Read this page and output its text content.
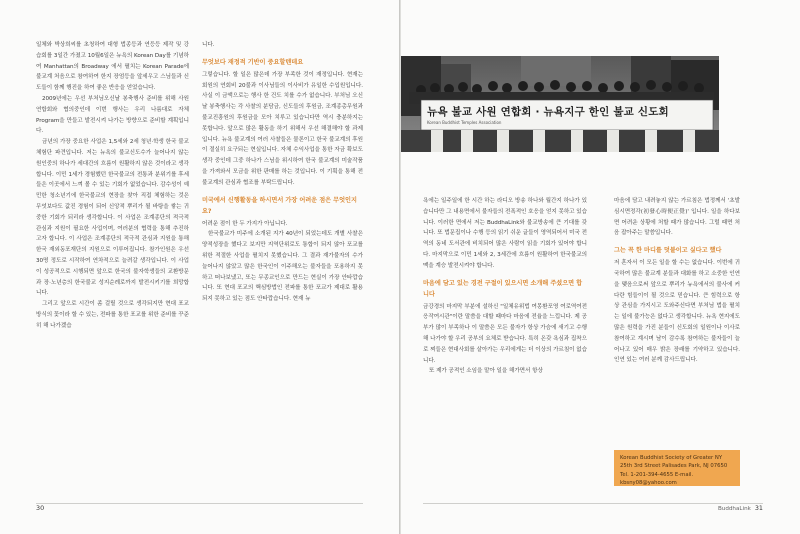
일체와 박상희씨를 초청하여 대형 법종등과 연등등 제작 및 강습회를 3일간 가졌고 10월6일은 뉴욕의 Korean Day를 기념하여 Manhattan의 Broadway 에서 펼치는 Korean Parade에 불교계 처음으로 참여하여 한지 장엄등을 앞세우고 스님들과 신도들이 함께 행진을 하여 좋은 반응을 얻었습니다.

2009년에는 우선 부처님오신날 봉축행사 준비를 위해 사원연합회와 협의중인데 이번 행사는 우리 나름대로 자체 Program을 만들고 발전시켜 나가는 방향으로 준비할 계획입니다.

금년의 가장 중요한 사업은 1,5세와 2세 청년·학생 한국 불교체험단 파견입니다. 저는 뉴욕의 불교신도수가 늘어나지 않는 원인중의 하나가 세대간의 흐름이 원활하지 않은 것이라고 생각합니다. 이민 1세가 경험했던 한국불교의 전통과 분위기를 후세들은 이곳에서 느껴 볼 수 있는 기회가 없었습니다. 감수성이 예민한 청소년기에 한국불교의 현장을 찾아 직접 체험하는 것은 무엇보다도 값진 경험이 되어 신앙적 뿌리가 될 바탕을 쌓는 귀중한 기회가 되리라 생각합니다. 이 사업은 조계종단의 적극적 관심과 지원이 필요한 사업이며, 여러분의 협력을 통해 추진하고자 합니다. 이 사업은 조계종단의 적극적 관심과 지원을 통해 한국 재외동포재단의 지원으로 이루어집니다. 참가인원은 우선 30명 정도로 시작하여 연차적으로 늘려갈 생각입니다. 이 사업이 성공적으로 시행되면 앞으로 한국의 불자학생들의 교환방문과 장·노년층의 한국불교 성지순례로까지 발전시키기를 희망합니다.

그리고 앞으로 시간이 좀 걸릴 것으로 생각되지만 현대 포교방식의 꽃이라 할 수 있는, 전파를 통한 포교를 위한 준비를 꾸준히 해 나가겠습

니다.

무엇보다 재정적 기반이 중요할텐데요

그렇습니다. 할 일은 많은데 가장 부족한 것이 재정입니다. 현재는 회원의 연회비 20불과 이사님들의 이사비가 유일한 수입원입니다. 사실 이 금액으로는 행사 한 건도 치를 수가 없습니다. 부처님 오신날 봉축행사는 각 사찰의 분담금, 신도들의 후원금, 조계종총무원과 불교진흥원의 후원금을 모아 치루고 있습니다만 역시 충분하지는 못합니다. 앞으로 많은 활동을 하기 위해서 우선 해결해야 할 과제입니다. 뉴욕 불교계의 여러 사찰들은 물론이고 한국 불교계의 후원이 절실히 요구되는 현실입니다. 자체 수익사업을 통한 자금 확보도 생각 중인데 그중 하나가 스님을 위시하여 한국 불교계의 미술작품을 가져와서 모금을 위한 판매를 하는 것입니다. 이 기획을 통해 전 불교계의 관심과 협조를 부탁드립니다.

미국에서 신행활동을 하시면서 가장 어려운 점은 무엇인지요?

어려운 점이 한 두 가지가 아닙니다.

한국불교가 미주에 소개된 지가 40년이 되었는데도 개별 사찰은 양적성장을 했다고 보지만 지역단위로도 통합이 되지 않아 포교를 위한 적절한 사업을 펼치지 못했습니다. 그 결과 재가불자의 수가 늘어나지 않았고 많은 한국인이 이주해오는 불자들을 포용하지 못하고 떠나보냈고, 또는 무종교인으로 만드는 현실이 가장 안타깝습니다. 또 현대 포교의 핵심방법인 전파를 통한 포교가 제대로 활용되지 못하고 있는 점도 안타깝습니다. 현재 뉴

30
뉴욕 불교 사원 연합회 · 뉴욕지구 한인 불교 신도회
Korean Buddhist Temples Association

욕에는 일주일에 한 시간 하는 라디오 방송 하나와 월간지 하나가 있습니다만 그 내용면에서 불자들의 전폭적인 호응을 얻지 못하고 있습니다. 이러한 면에서 저는 BuddhaLink와 불교방송에 큰 기대를 갖니다. 또 법문집이나 수행 등의 읽기 쉬운 글들이 영역되어서 미국 전역의 동네 도서관에 비치되어 많은 사람이 읽을 기회가 있어야 합니다. 마지막으로 이민 1세와 2, 3세간에 흐름이 원활하여 한국불교의 맥을 계승 발전시켜야 합니다.

마음에 담고 있는 경전 구절이 있으시면 소개해 주셨으면 합니다

금강경의 마지막 부분에 설하신 "일체유위법 여몽환포영 여로역여전 응작여시관"이란 말씀을 대할 때마다 마음에 전율을 느낍니다. 제 공부가 많이 부족하나 이 말씀은 모든 불자가 항상 가슴에 새기고 수행해 나가야 할 우리 공부의 요체로 받습니다. 특히 온갖 욕심과 집착으로 찌들은 현대사회를 살아가는 우리에게는 더 이상의 가르침이 없습니다.

또 제가 공적인 소임을 맡아 일을 해가면서 항상

마음에 담고 내려놓지 않는 가르침은 법정께서 '초발심시면정각(初發心時便正覺)' 입니다. 일을 하다보면 어려운 상황에 처할 때가 많습니다. 그럴 때면 처음 잡아주는 말씀입니다.

그는 꼭 한 마디를 덧붙이고 싶다고 했다

저 혼자서 이 모든 일을 할 수는 없습니다. 이번에 귀국하여 많은 불교계 분들과 대화를 하고 소중한 인연을 맺음으로써 앞으로 뿌리가 뉴욕에서의 불사에 커다란 힘들이이 될 것으로 믿습니다. 큰 힘력으로 항상 관심을 가지시고 도와주신다면 부처님 법을 펼치는 일에 불가능은 없다고 생각합니다. 뉴욕 현지에도 많은 원력을 가진 분들이 신도회의 일원이나 이사로 참여하고 계시며 남이 감수록 참여하는 불자들이 늘어나고 있어 매우 밝은 장래를 기약하고 있습니다. 인연 있는 여러 분께 감사드립니다.

Korean Buddhist Society of Greater NY
25th 3rd Street Palisades Park, NJ 07650
Tel. 1-201-394-4655 E-mail. kbsny08@yahoo.com
BuddhaLink 31
